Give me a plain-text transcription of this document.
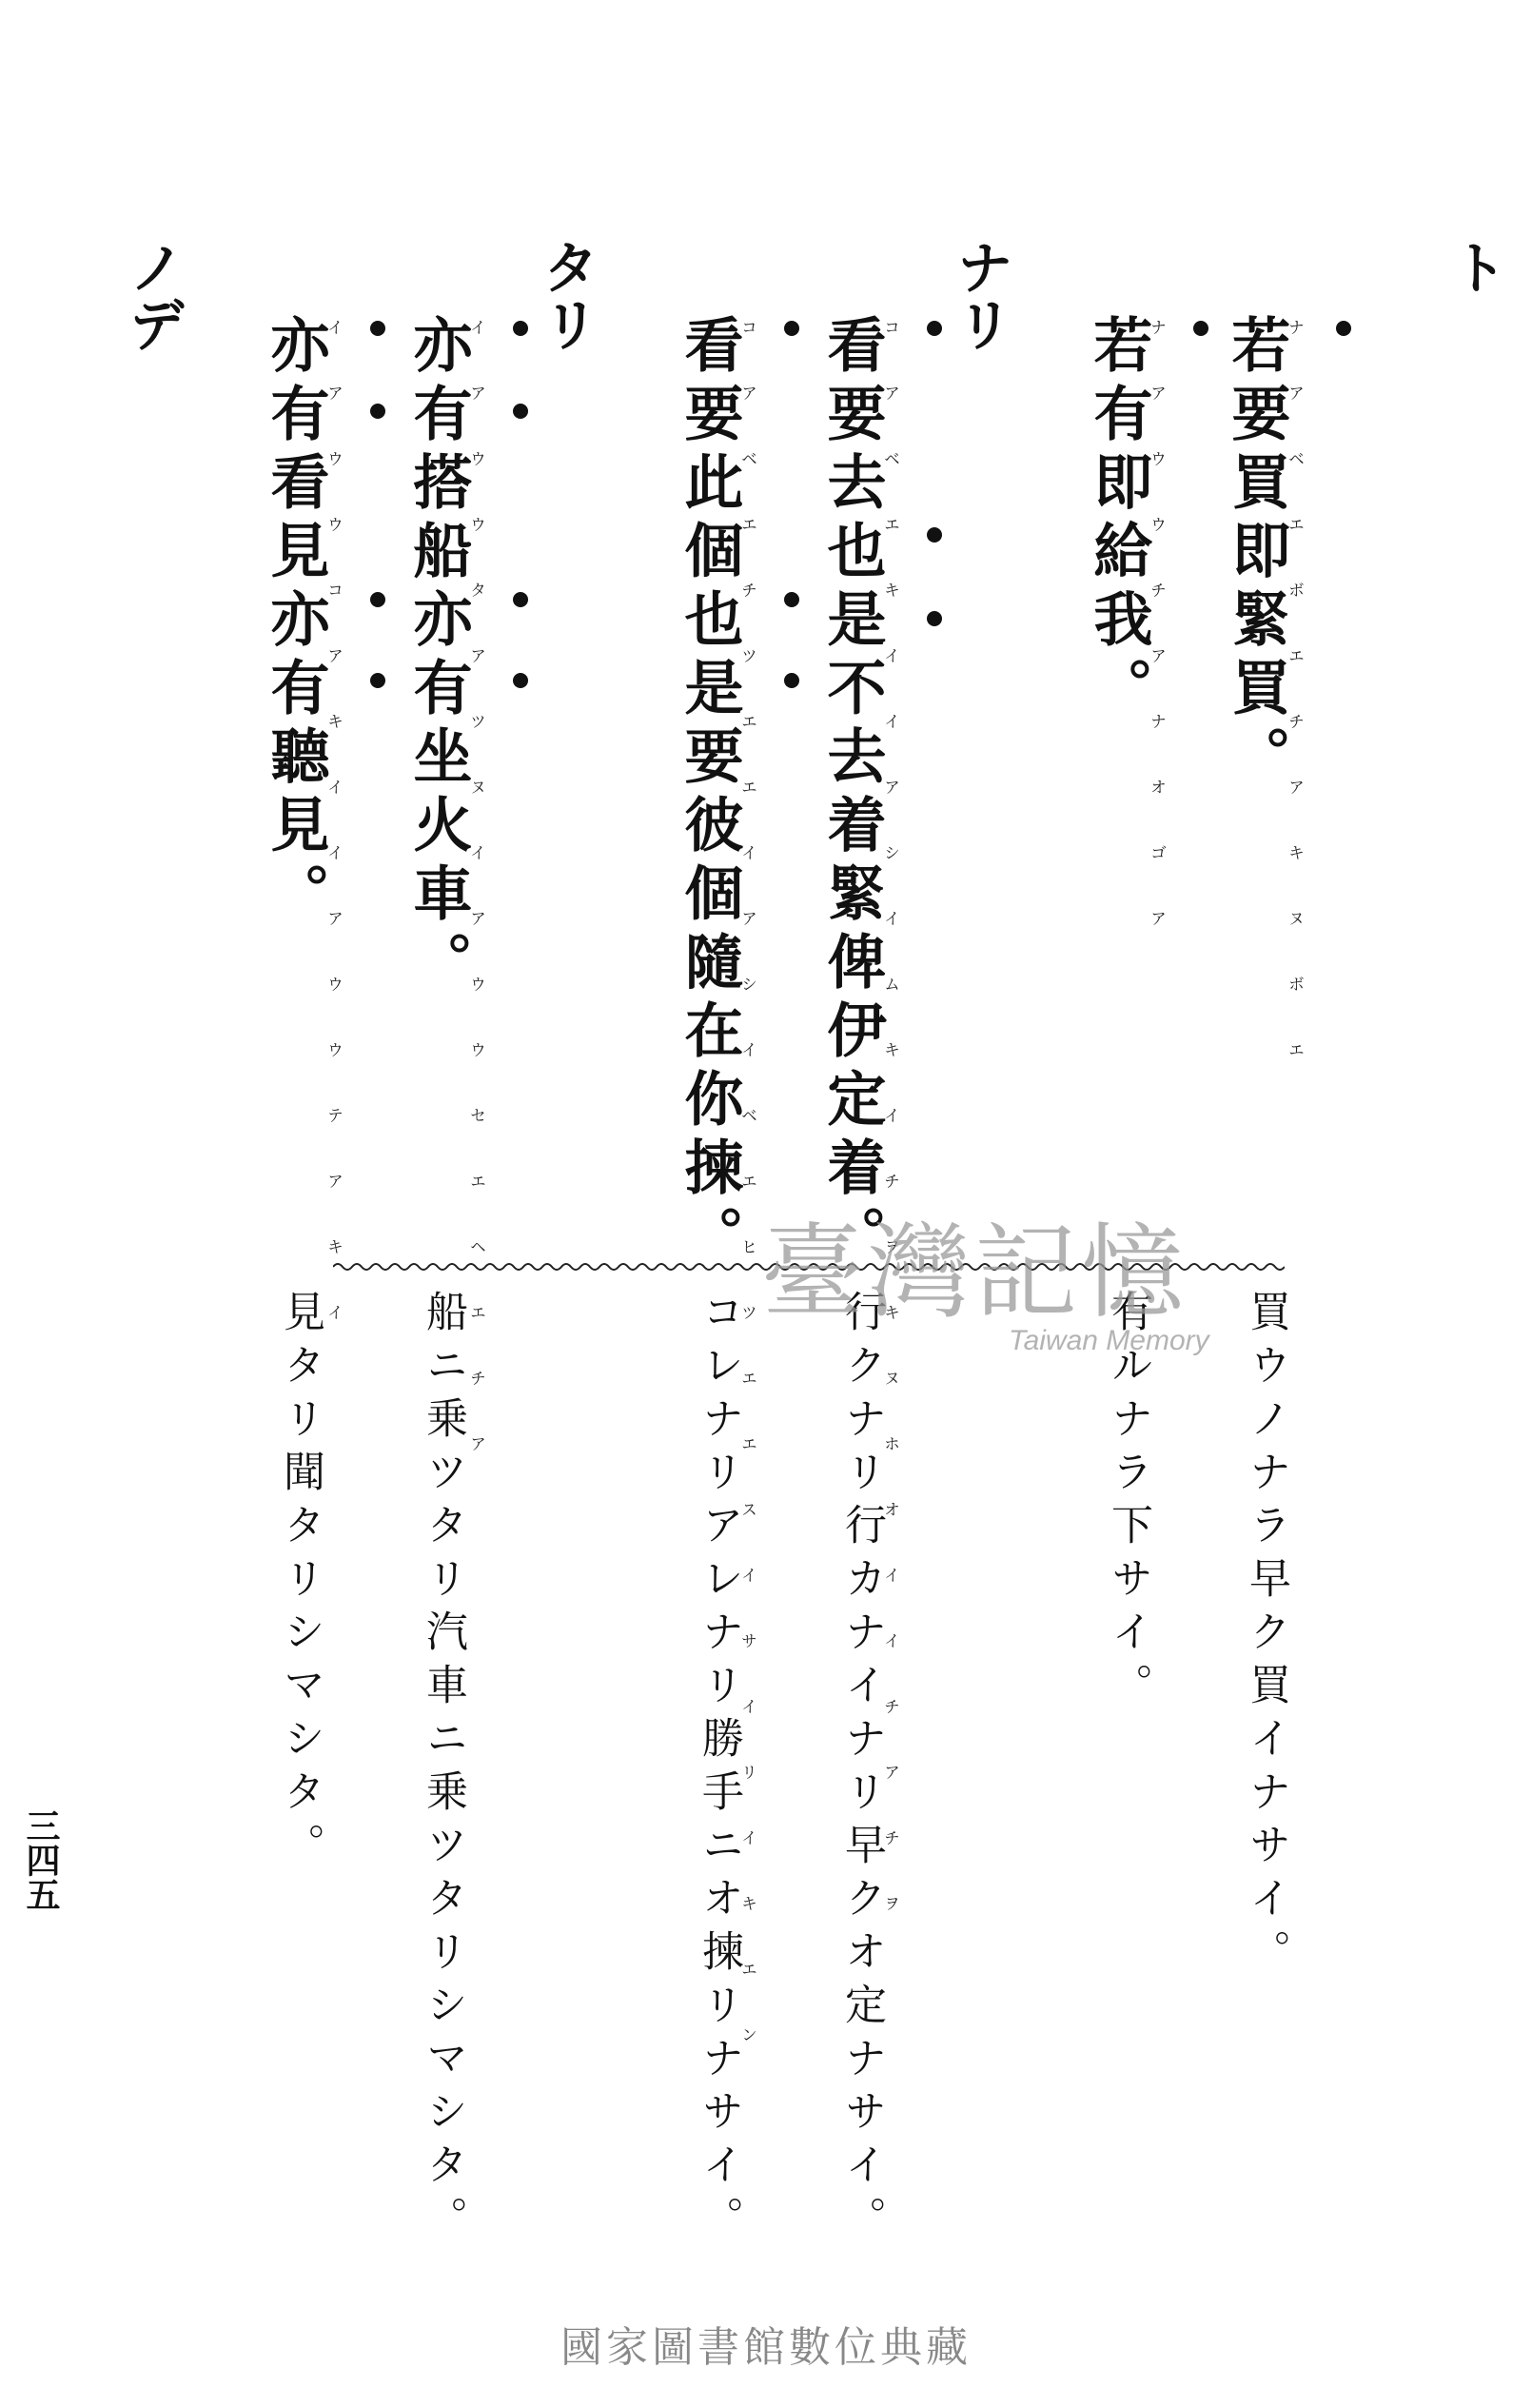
ト
ナリ
タリ
ノデ
若要買即緊買。
ナアベエボエチアキヌボエ
若有即給我。
ナアウウチアナオゴア
看要去也是不去着緊俾伊定着。
コアベエキイイアシイムキイチヲキヌホオイイチアチヲ
看要此個也是要彼個隨在你揀。
コアベエチツエエイアシイベエヒツエエスイサイリイキエン
亦有搭船亦有坐火車。
イアウウタアツヌイアウウセエヘエチア
亦有看見亦有聽見。
イアウウコアキイイアウウテアキイ
買ウノナラ早ク買イナサイ。
有ルナラ下サイ。
行クナリ行カナイナリ早クオ定ナサイ。
コレナリアレナリ勝手ニオ揀リナサイ。
船ニ乗ツタリ汽車ニ乗ツタリシマシタ。
見タリ聞タリシマシタ。
三四五
臺灣記憶
Taiwan Memory
國家圖書館數位典藏
